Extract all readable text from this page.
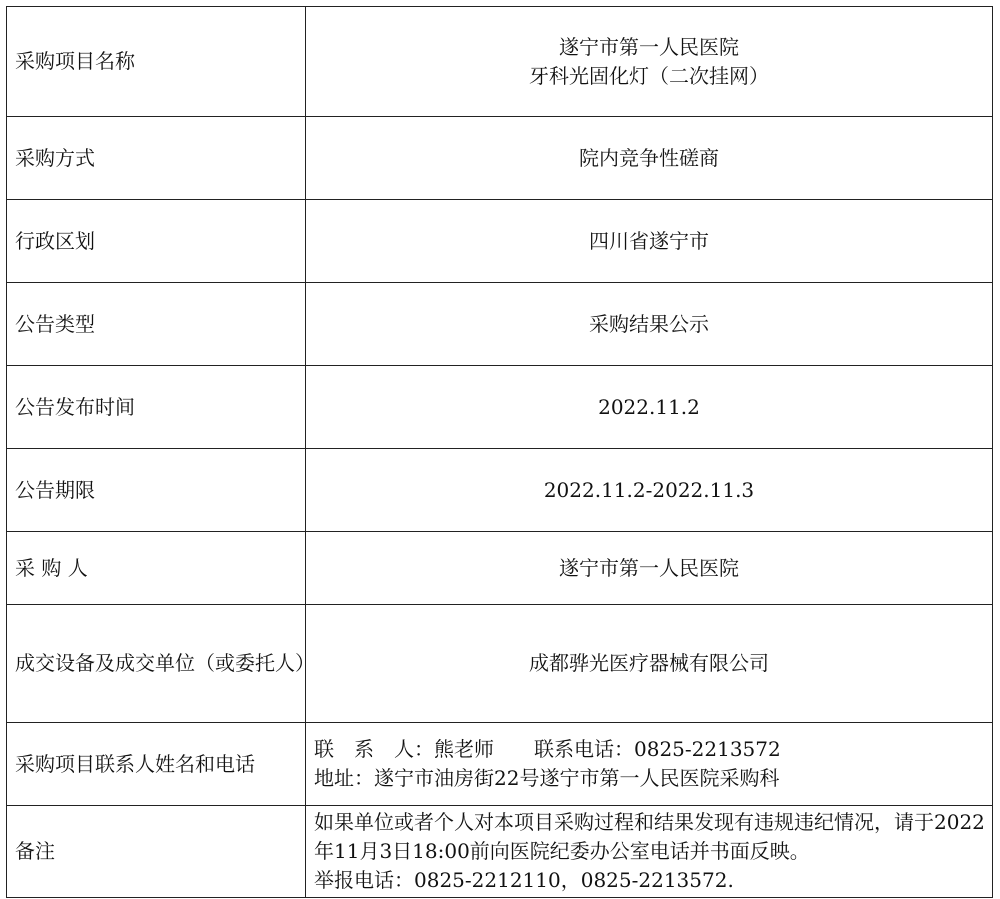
采购项目名称	遂宁市第一人民医院
牙科光固化灯（二次挂网）

采购方式	院内竞争性磋商
行政区划	四川省遂宁市
公告类型	采购结果公示
公告发布时间	2022.11.2
公告期限	2022.11.2-2022.11.3
采 购 人	遂宁市第一人民医院
成交设备及成交单位（或委托人）	成都骅光医疗器械有限公司
采购项目联系人姓名和电话	联　系　人：熊老师 联系电话：0825-2213572
地址：遂宁市油房街22号遂宁市第一人民医院采购科

备注	如果单位或者个人对本项目采购过程和结果发现有违规违纪情况，请于2022年11月3日18:00前向医院纪委办公室电话并书面反映。
举报电话：0825-2212110，0825-2213572.
